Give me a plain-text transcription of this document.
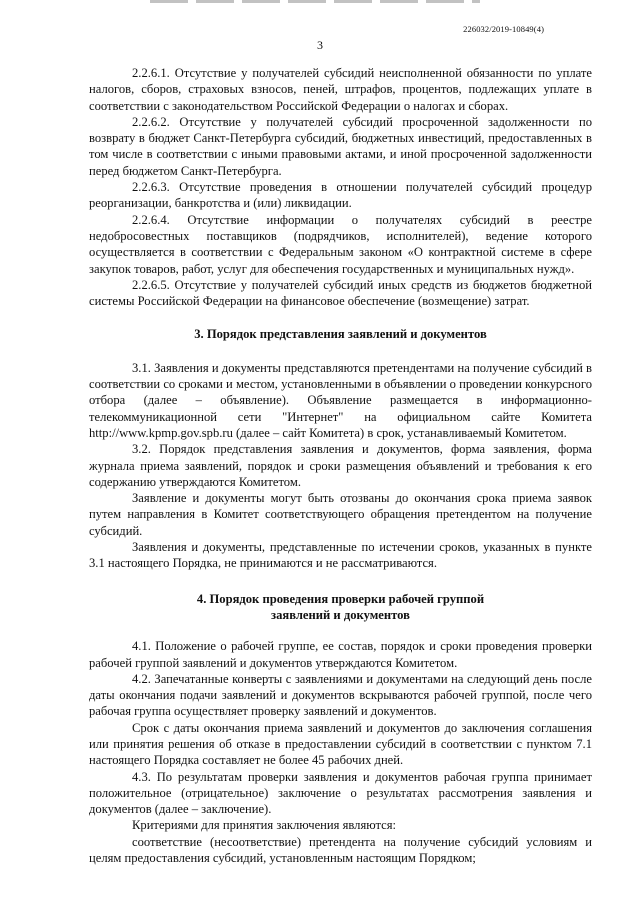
226032/2019-10849(4)
3

2.2.6.1. Отсутствие у получателей субсидий неисполненной обязанности по уплате налогов, сборов, страховых взносов, пеней, штрафов, процентов, подлежащих уплате в соответствии с законодательством Российской Федерации о налогах и сборах.

2.2.6.2. Отсутствие у получателей субсидий просроченной задолженности по возврату в бюджет Санкт-Петербурга субсидий, бюджетных инвестиций, предоставленных в том числе в соответствии с иными правовыми актами, и иной просроченной задолженности перед бюджетом Санкт-Петербурга.

2.2.6.3. Отсутствие проведения в отношении получателей субсидий процедур реорганизации, банкротства и (или) ликвидации.

2.2.6.4. Отсутствие информации о получателях субсидий в реестре недобросовестных поставщиков (подрядчиков, исполнителей), ведение которого осуществляется в соответствии с Федеральным законом «О контрактной системе в сфере закупок товаров, работ, услуг для обеспечения государственных и муниципальных нужд».

2.2.6.5. Отсутствие у получателей субсидий иных средств из бюджетов бюджетной системы Российской Федерации на финансовое обеспечение (возмещение) затрат.

3. Порядок представления заявлений и документов

3.1. Заявления и документы представляются претендентами на получение субсидий в соответствии со сроками и местом, установленными в объявлении о проведении конкурсного отбора (далее – объявление). Объявление размещается в информационно-телекоммуникационной сети "Интернет" на официальном сайте Комитета http://www.kpmp.gov.spb.ru (далее – сайт Комитета) в срок, устанавливаемый Комитетом.

3.2. Порядок представления заявления и документов, форма заявления, форма журнала приема заявлений, порядок и сроки размещения объявлений и требования к его содержанию утверждаются Комитетом.

Заявление и документы могут быть отозваны до окончания срока приема заявок путем направления в Комитет соответствующего обращения претендентом на получение субсидий.

Заявления и документы, представленные по истечении сроков, указанных в пункте 3.1 настоящего Порядка, не принимаются и не рассматриваются.

4. Порядок проведения проверки рабочей группой
заявлений и документов

4.1. Положение о рабочей группе, ее состав, порядок и сроки проведения проверки рабочей группой заявлений и документов утверждаются Комитетом.

4.2. Запечатанные конверты с заявлениями и документами на следующий день после даты окончания подачи заявлений и документов вскрываются рабочей группой, после чего рабочая группа осуществляет проверку заявлений и документов.

Срок с даты окончания приема заявлений и документов до заключения соглашения или принятия решения об отказе в предоставлении субсидий в соответствии с пунктом 7.1 настоящего Порядка составляет не более 45 рабочих дней.

4.3. По результатам проверки заявления и документов рабочая группа принимает положительное (отрицательное) заключение о результатах рассмотрения заявления и документов (далее – заключение).

Критериями для принятия заключения являются:

соответствие (несоответствие) претендента на получение субсидий условиям и целям предоставления субсидий, установленным настоящим Порядком;
